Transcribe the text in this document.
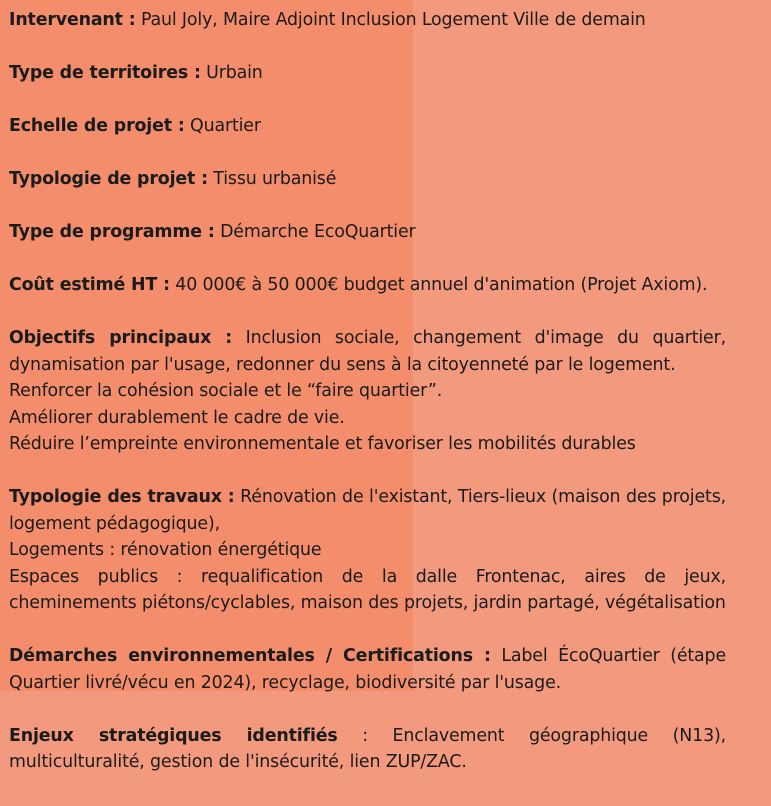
Intervenant : Paul Joly, Maire Adjoint Inclusion Logement Ville de demain

Type de territoires : Urbain

Echelle de projet : Quartier

Typologie de projet : Tissu urbanisé

Type de programme : Démarche EcoQuartier

Coût estimé HT : 40 000€ à 50 000€ budget annuel d'animation (Projet Axiom).

Objectifs principaux : Inclusion sociale, changement d'image du quartier, dynamisation par l'usage, redonner du sens à la citoyenneté par le logement.
Renforcer la cohésion sociale et le “faire quartier”.
Améliorer durablement le cadre de vie.
Réduire l’empreinte environnementale et favoriser les mobilités durables
Typologie des travaux : Rénovation de l'existant, Tiers-lieux (maison des projets, logement pédagogique),
Logements : rénovation énergétique
Espaces publics : requalification de la dalle Frontenac, aires de jeux, cheminements piétons/cyclables, maison des projets, jardin partagé, végétalisation

Démarches environnementales / Certifications : Label ÉcoQuartier (étape Quartier livré/vécu en 2024), recyclage, biodiversité par l'usage.

Enjeux stratégiques identifiés : Enclavement géographique (N13), multiculturalité, gestion de l'insécurité, lien ZUP/ZAC.
